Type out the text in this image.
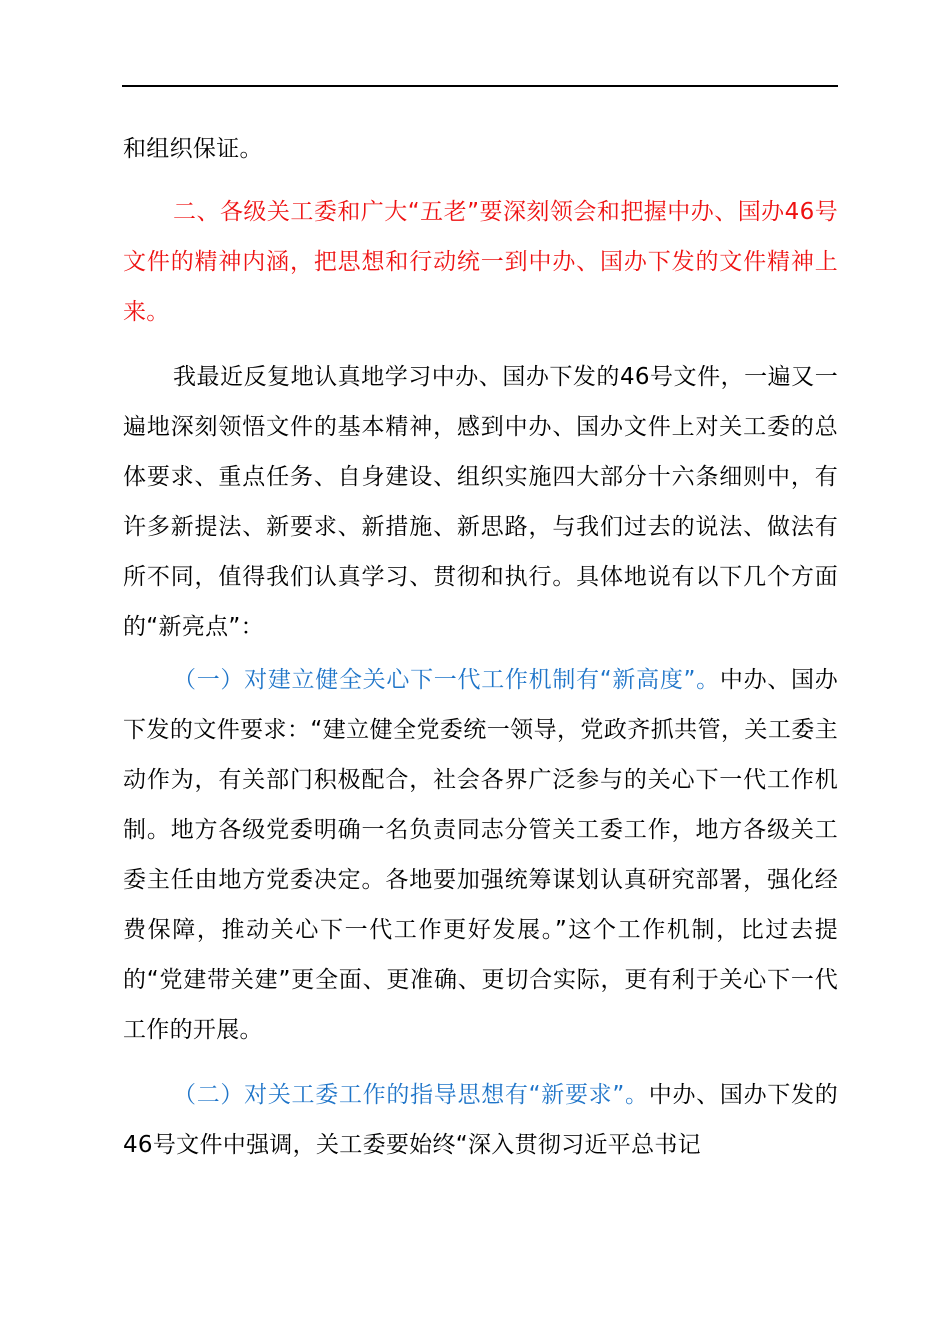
和组织保证。

二、各级关工委和广大“五老”要深刻领会和把握中办、国办46号文件的精神内涵，把思想和行动统一到中办、国办下发的文件精神上来。

我最近反复地认真地学习中办、国办下发的46号文件，一遍又一遍地深刻领悟文件的基本精神，感到中办、国办文件上对关工委的总体要求、重点任务、自身建设、组织实施四大部分十六条细则中，有许多新提法、新要求、新措施、新思路，与我们过去的说法、做法有所不同，值得我们认真学习、贯彻和执行。具体地说有以下几个方面的“新亮点”：

（一）对建立健全关心下一代工作机制有“新高度”。中办、国办下发的文件要求：“建立健全党委统一领导，党政齐抓共管，关工委主动作为，有关部门积极配合，社会各界广泛参与的关心下一代工作机制。地方各级党委明确一名负责同志分管关工委工作，地方各级关工委主任由地方党委决定。各地要加强统筹谋划认真研究部署，强化经费保障，推动关心下一代工作更好发展。”这个工作机制，比过去提的“党建带关建”更全面、更准确、更切合实际，更有利于关心下一代工作的开展。

（二）对关工委工作的指导思想有“新要求”。中办、国办下发的46号文件中强调，关工委要始终“深入贯彻习近平总书记
